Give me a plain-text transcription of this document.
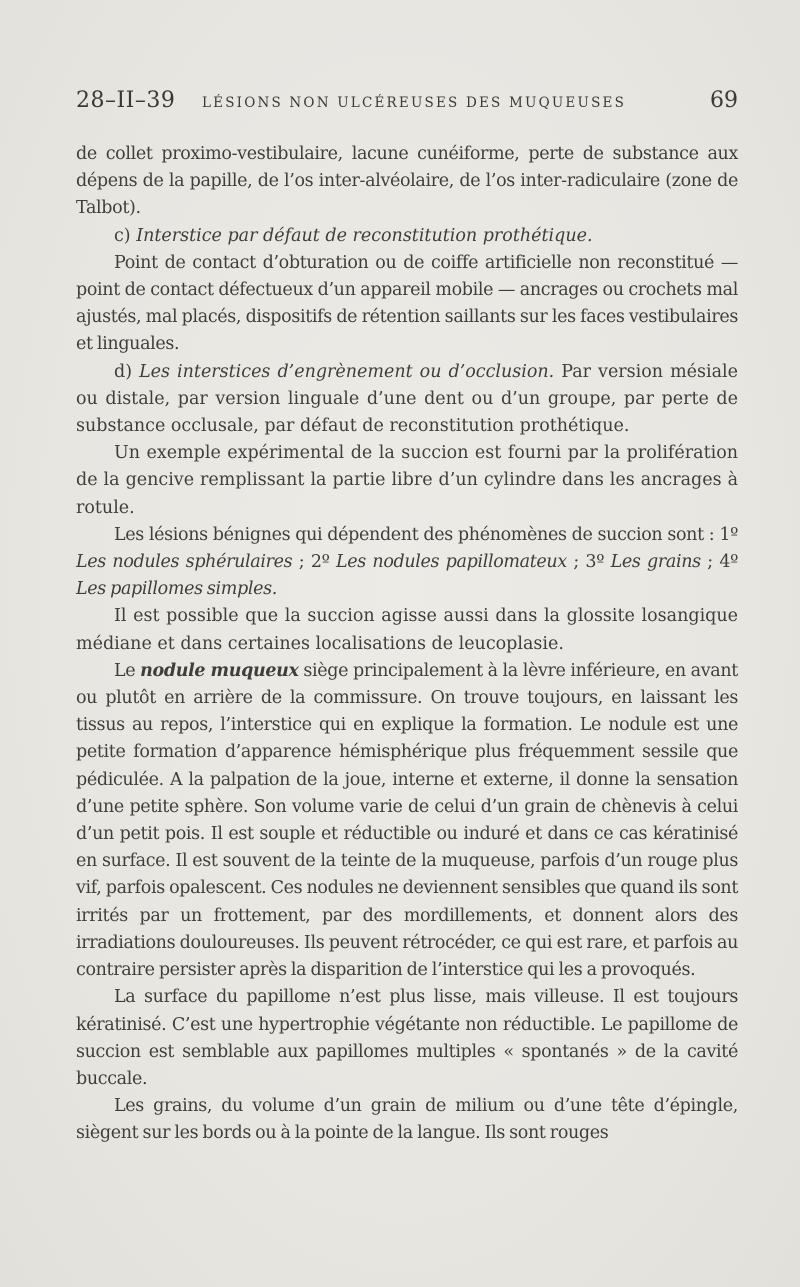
28–II–39 LÉSIONS NON ULCÉREUSES DES MUQUEUSES	69

de collet proximo-vestibulaire, lacune cunéiforme, perte de substance aux dépens de la papille, de l’os inter-alvéolaire, de l’os inter-radiculaire (zone de Talbot).

c) Interstice par défaut de reconstitution prothétique.

Point de contact d’obturation ou de coiffe artificielle non reconstitué — point de contact défectueux d’un appareil mobile — ancrages ou crochets mal ajustés, mal placés, dispositifs de rétention saillants sur les faces vestibulaires et linguales.

d) Les interstices d’engrènement ou d’occlusion. Par version mésiale ou distale, par version linguale d’une dent ou d’un groupe, par perte de substance occlusale, par défaut de reconstitution prothétique.

Un exemple expérimental de la succion est fourni par la prolifération de la gencive remplissant la partie libre d’un cylindre dans les ancrages à rotule.

Les lésions bénignes qui dépendent des phénomènes de succion sont : 1º Les nodules sphérulaires ; 2º Les nodules papillomateux ; 3º Les grains ; 4º Les papillomes simples.

Il est possible que la succion agisse aussi dans la glossite losangique médiane et dans certaines localisations de leucoplasie.

Le nodule muqueux siège principalement à la lèvre inférieure, en avant ou plutôt en arrière de la commissure. On trouve toujours, en laissant les tissus au repos, l’interstice qui en explique la formation. Le nodule est une petite formation d’apparence hémisphérique plus fréquemment sessile que pédiculée. A la palpation de la joue, interne et externe, il donne la sensation d’une petite sphère. Son volume varie de celui d’un grain de chènevis à celui d’un petit pois. Il est souple et réductible ou induré et dans ce cas kératinisé en surface. Il est souvent de la teinte de la muqueuse, parfois d’un rouge plus vif, parfois opalescent. Ces nodules ne deviennent sensibles que quand ils sont irrités par un frottement, par des mordillements, et donnent alors des irradiations douloureuses. Ils peuvent rétrocéder, ce qui est rare, et parfois au contraire persister après la disparition de l’interstice qui les a provoqués.

La surface du papillome n’est plus lisse, mais villeuse. Il est toujours kératinisé. C’est une hypertrophie végétante non réductible. Le papillome de succion est semblable aux papillomes multiples « spontanés » de la cavité buccale.

Les grains, du volume d’un grain de milium ou d’une tête d’épingle, siègent sur les bords ou à la pointe de la langue. Ils sont rouges
